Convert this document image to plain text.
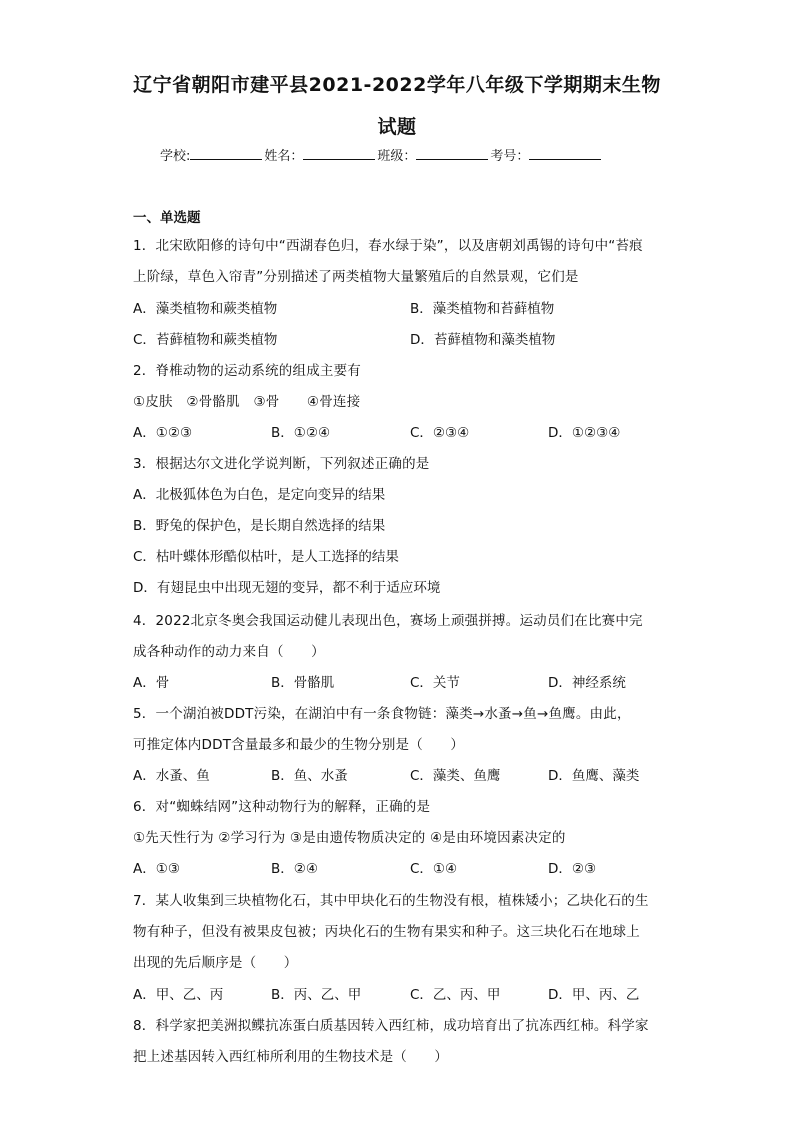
辽宁省朝阳市建平县2021-2022学年八年级下学期期末生物
试题
学校:	姓名：	班级：	考号：
一、单选题
1．北宋欧阳修的诗句中“西湖春色归，春水绿于染”，以及唐朝刘禹锡的诗句中“苔痕
上阶绿，草色入帘青”分别描述了两类植物大量繁殖后的自然景观，它们是
A．藻类植物和蕨类植物	B．藻类植物和苔藓植物
C．苔藓植物和蕨类植物	D．苔藓植物和藻类植物
2．脊椎动物的运动系统的组成主要有
①皮肤　②骨骼肌　③骨　　④骨连接
A．①②③	B．①②④	C．②③④	D．①②③④
3．根据达尔文进化学说判断，下列叙述正确的是
A．北极狐体色为白色，是定向变异的结果
B．野兔的保护色，是长期自然选择的结果
C．枯叶蝶体形酷似枯叶，是人工选择的结果
D．有翅昆虫中出现无翅的变异，都不利于适应环境
4．2022北京冬奥会我国运动健儿表现出色，赛场上顽强拼搏。运动员们在比赛中完
成各种动作的动力来自（　　）
A．骨	B．骨骼肌	C．关节	D．神经系统
5．一个湖泊被DDT污染，在湖泊中有一条食物链：藻类→水蚤→鱼→鱼鹰。由此，
可推定体内DDT含量最多和最少的生物分别是（　　）
A．水蚤、鱼	B．鱼、水蚤	C．藻类、鱼鹰	D．鱼鹰、藻类
6．对“蜘蛛结网”这种动物行为的解释，正确的是
①先天性行为 ②学习行为 ③是由遗传物质决定的 ④是由环境因素决定的
A．①③	B．②④	C．①④	D．②③
7．某人收集到三块植物化石，其中甲块化石的生物没有根，植株矮小；乙块化石的生
物有种子，但没有被果皮包被；丙块化石的生物有果实和种子。这三块化石在地球上
出现的先后顺序是（　　）
A．甲、乙、丙	B．丙、乙、甲	C．乙、丙、甲	D．甲、丙、乙
8．科学家把美洲拟鲽抗冻蛋白质基因转入西红柿，成功培育出了抗冻西红柿。科学家
把上述基因转入西红柿所利用的生物技术是（　　）
